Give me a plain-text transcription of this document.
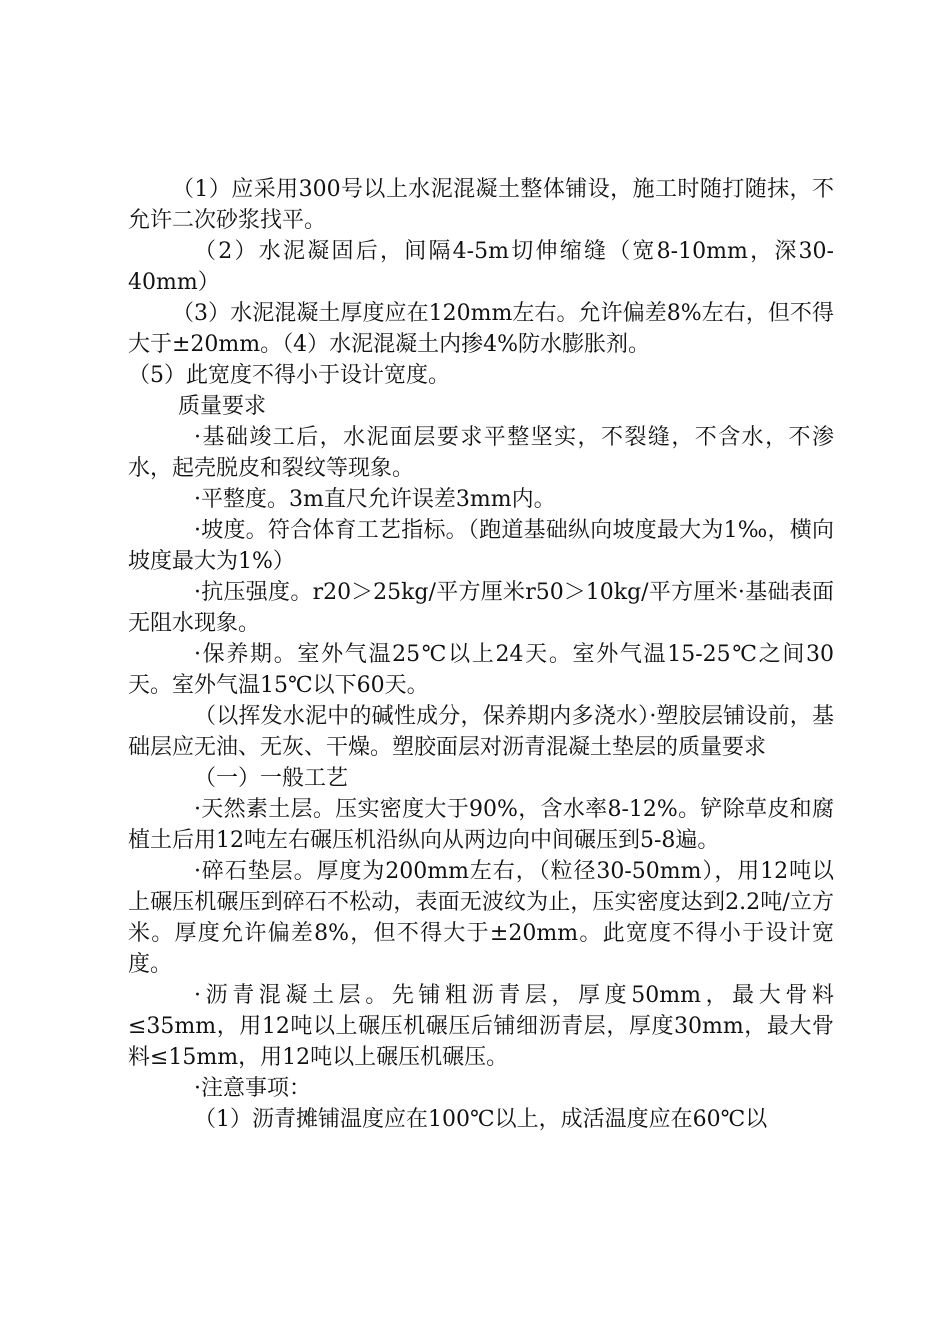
（1）应采用300号以上水泥混凝土整体铺设，施工时随打随抹，不允许二次砂浆找平。

（2）水泥凝固后，间隔4-5m切伸缩缝（宽8-10mm，深30-40mm）

（3）水泥混凝土厚度应在120mm左右。允许偏差8%左右，但不得大于±20mm。（4）水泥混凝土内掺4%防水膨胀剂。

（5）此宽度不得小于设计宽度。

质量要求

·基础竣工后，水泥面层要求平整坚实，不裂缝，不含水，不渗水，起壳脱皮和裂纹等现象。

·平整度。3m直尺允许误差3mm内。

·坡度。符合体育工艺指标。（跑道基础纵向坡度最大为1‰，横向坡度最大为1%）

·抗压强度。r20＞25kg/平方厘米r50＞10kg/平方厘米·基础表面无阻水现象。

·保养期。室外气温25℃以上24天。室外气温15-25℃之间30天。室外气温15℃以下60天。

（以挥发水泥中的碱性成分，保养期内多浇水）·塑胶层铺设前，基础层应无油、无灰、干燥。塑胶面层对沥青混凝土垫层的质量要求

（一）一般工艺

·天然素土层。压实密度大于90%，含水率8-12%。铲除草皮和腐植土后用12吨左右碾压机沿纵向从两边向中间碾压到5-8遍。

·碎石垫层。厚度为200mm左右，（粒径30-50mm），用12吨以上碾压机碾压到碎石不松动，表面无波纹为止，压实密度达到2.2吨/立方米。厚度允许偏差8%，但不得大于±20mm。此宽度不得小于设计宽度。

·沥青混凝土层。先铺粗沥青层，厚度50mm，最大骨料≤35mm，用12吨以上碾压机碾压后铺细沥青层，厚度30mm，最大骨料≤15mm，用12吨以上碾压机碾压。

·注意事项：

（1）沥青摊铺温度应在100℃以上，成活温度应在60℃以
